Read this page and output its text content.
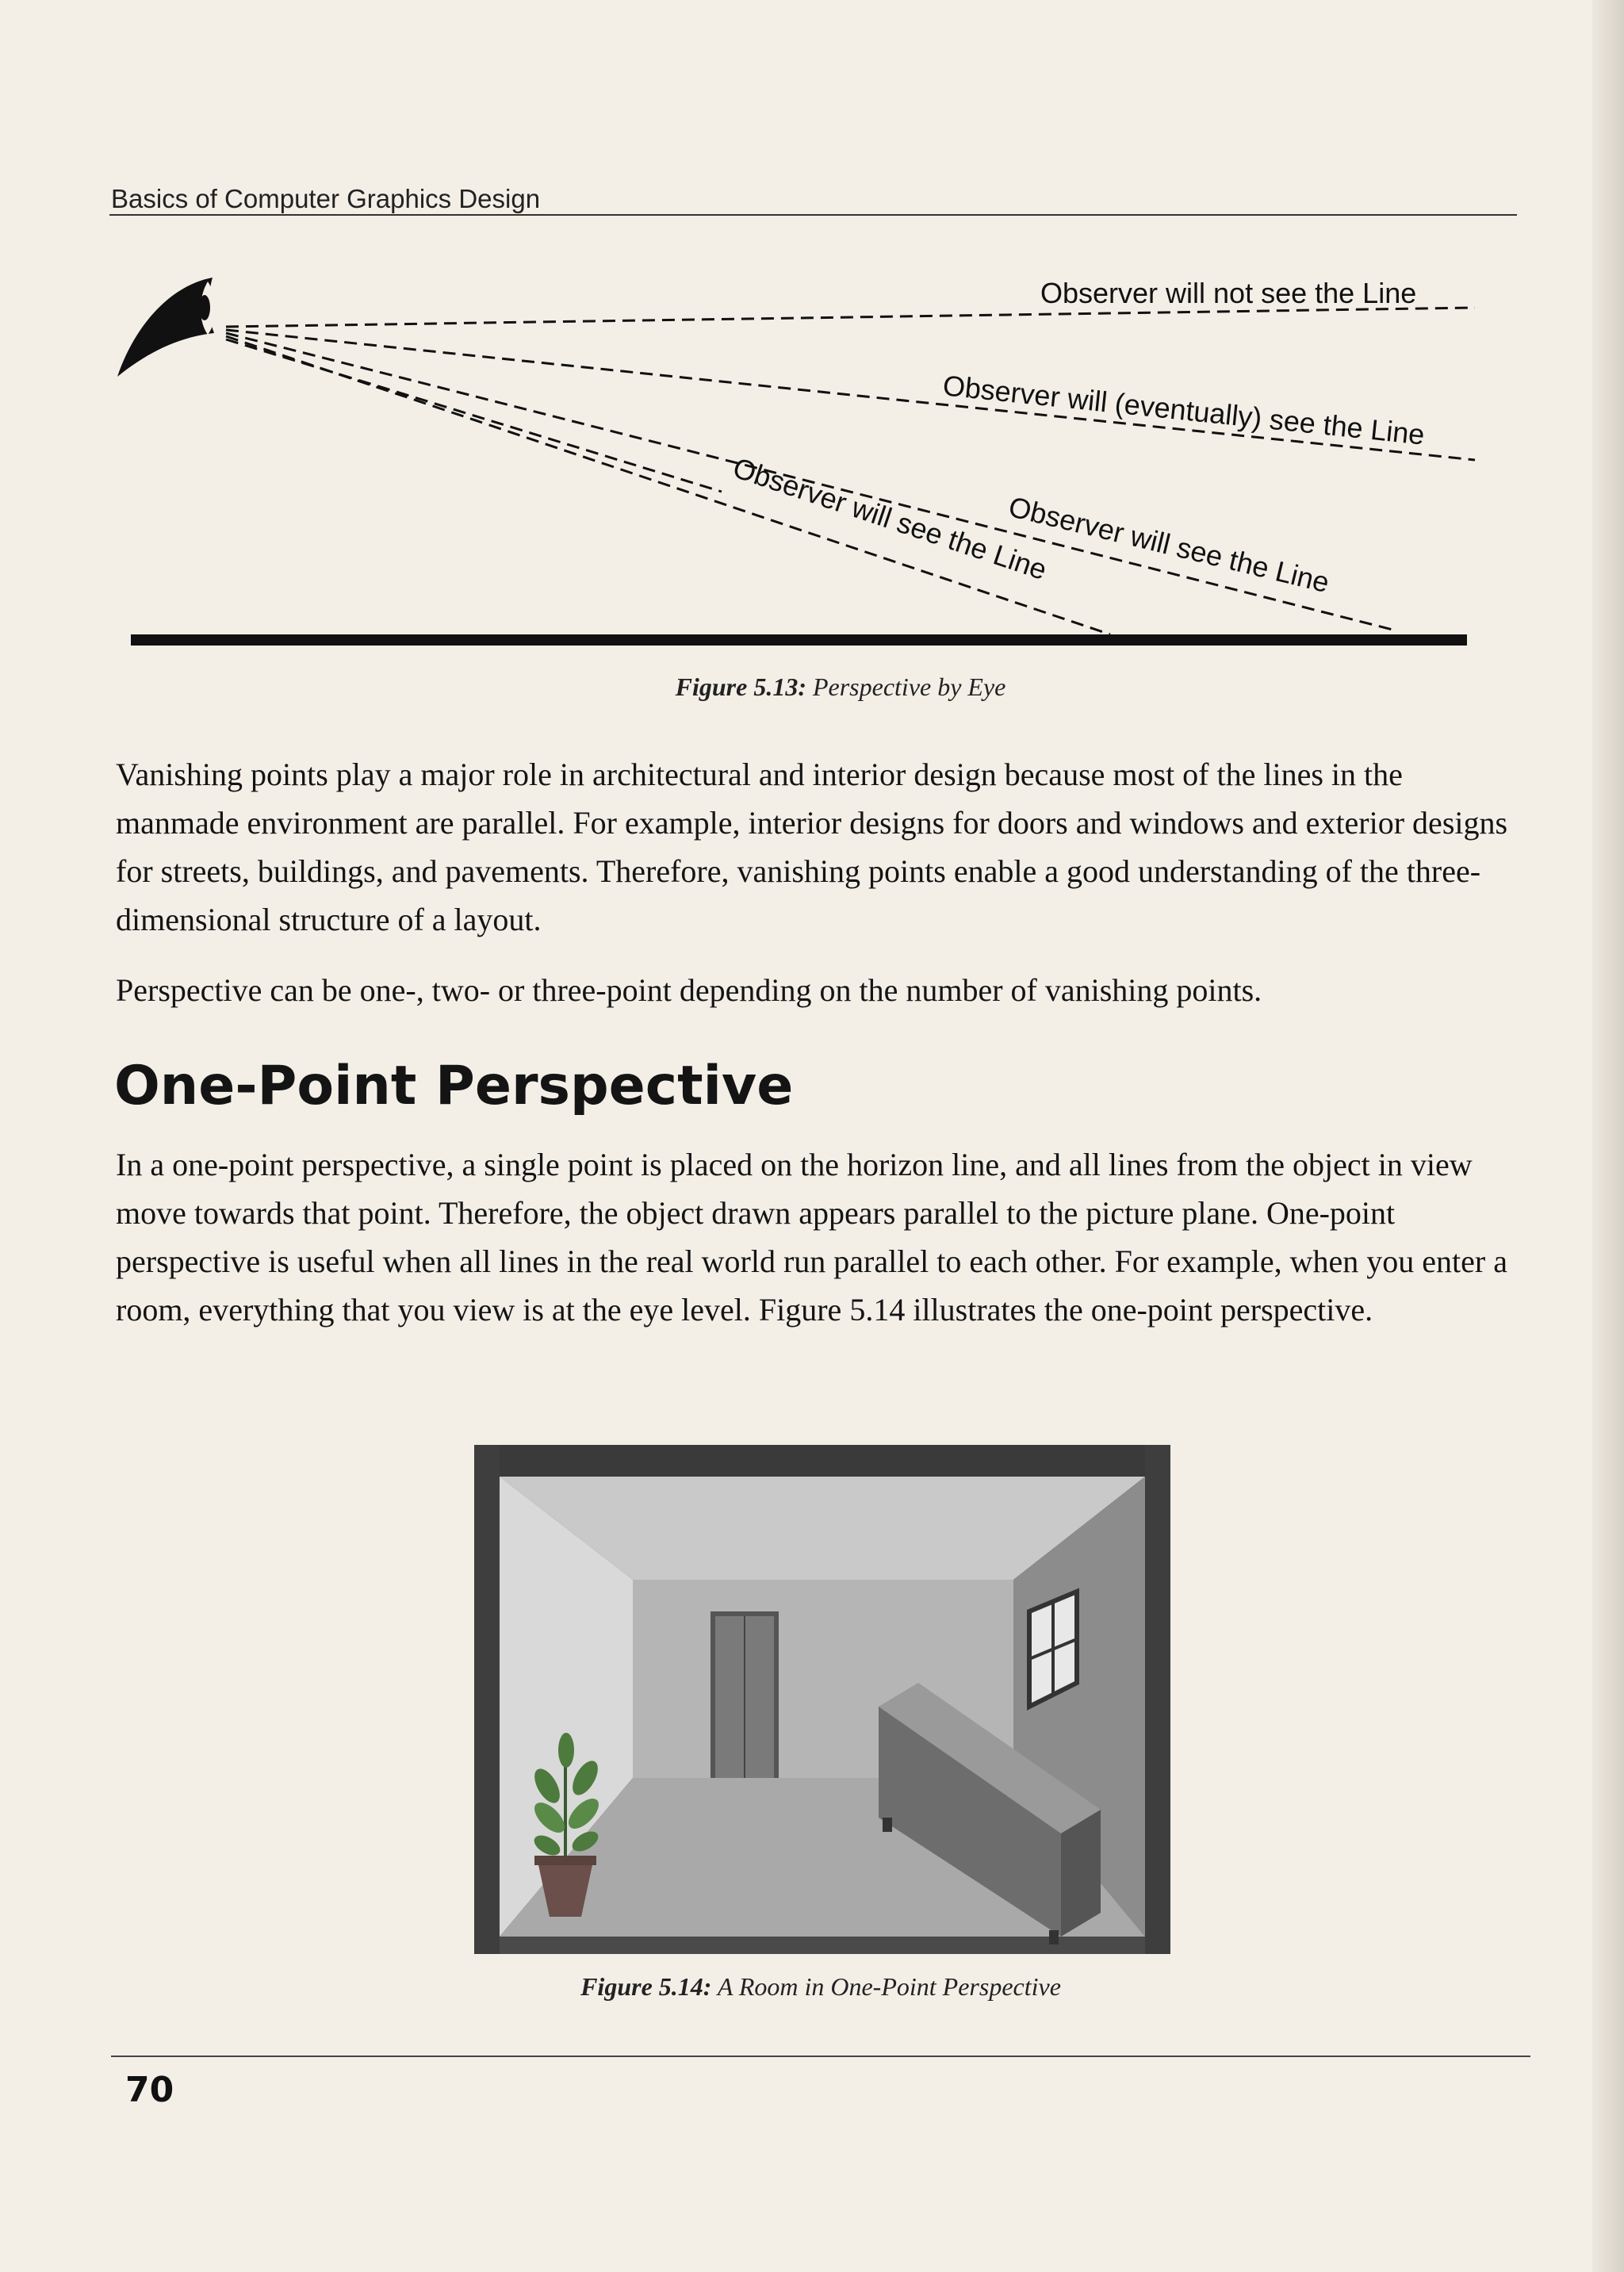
Basics of Computer Graphics Design
Observer will not see the Line
Observer will (eventually) see the Line
Observer will see the Line
Observer will see the Line
Figure 5.13: Perspective by Eye

Vanishing points play a major role in architectural and interior design because most of the lines in the manmade environment are parallel. For example, interior designs for doors and windows and exterior designs for streets, buildings, and pavements. Therefore, vanishing points enable a good understanding of the three-dimensional structure of a layout.

Perspective can be one-, two- or three-point depending on the number of vanishing points.

One-Point Perspective

In a one-point perspective, a single point is placed on the horizon line, and all lines from the object in view move towards that point. Therefore, the object drawn appears parallel to the picture plane. One-point perspective is useful when all lines in the real world run parallel to each other. For example, when you enter a room, everything that you view is at the eye level. Figure 5.14 illustrates the one-point perspective.

Figure 5.14: A Room in One-Point Perspective
70
